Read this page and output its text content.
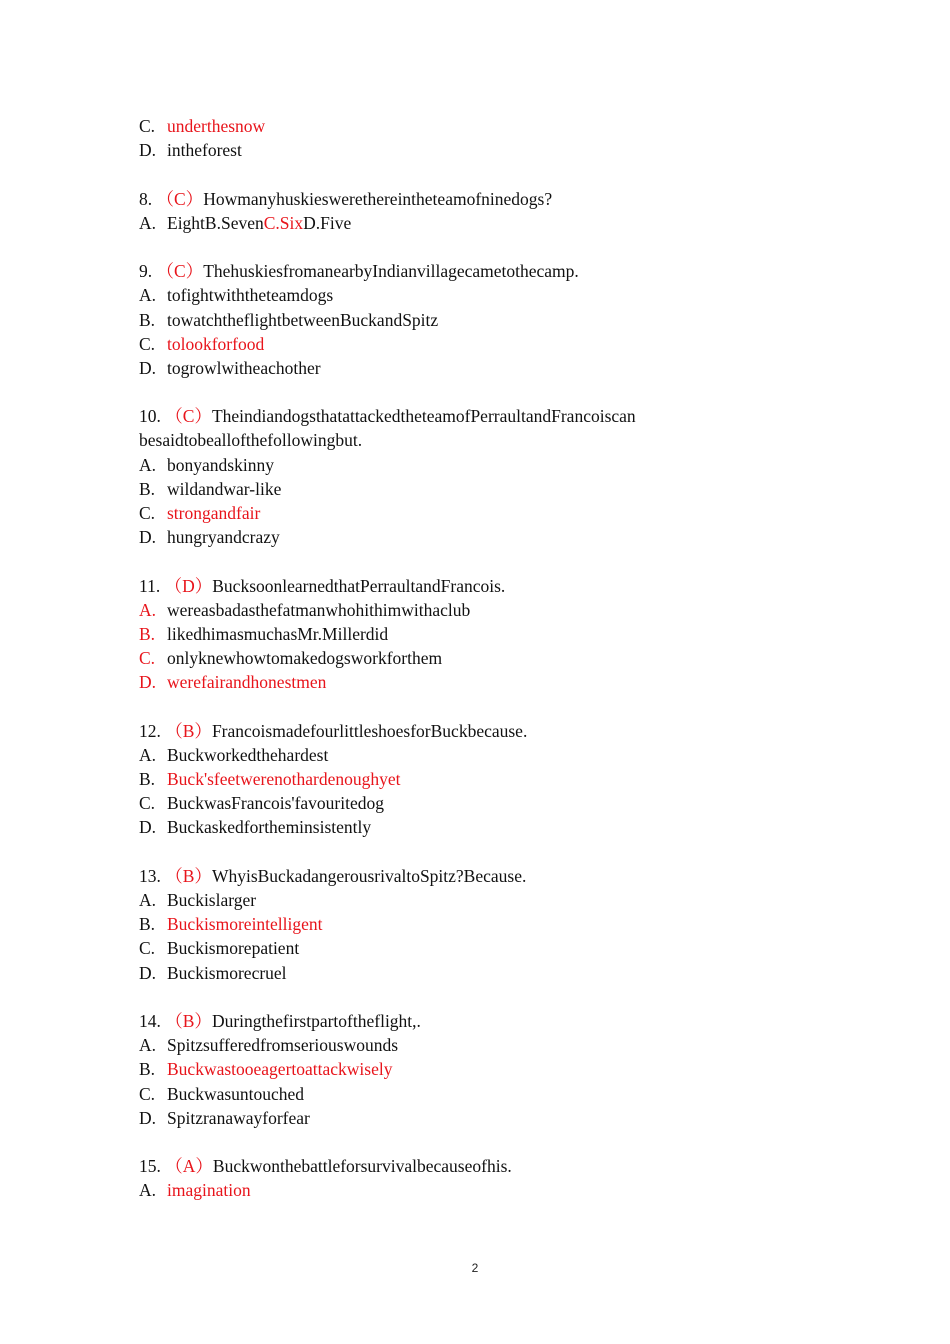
C. underthesnow
D. intheforest
8. （C）Howmanyhuskieswerethereintheteamofninedogs?
A. EightB.SevenC.SixD.Five
9. （C）ThehuskiesfromanearbyIndianvillagecametothecamp.
A. tofightwiththeteamdogs
B. towatchtheflightbetweenBuckandSpitz
C. tolookforfood
D. togrowlwitheachother
10. （C）TheindiandogsthatattackedtheteamofPerraultandFrancoiscan
besaidtobeallofthefollowingbut.
A. bonyandskinny
B. wildandwar-like
C. strongandfair
D. hungryandcrazy
11. （D）BucksoonlearnedthatPerraultandFrancois.
A. wereasbadasthefatmanwhohithimwithaclub
B. likedhimasmuchasMr.Millerdid
C. onlyknewhowtomakedogsworkforthem
D. werefairandhonestmen
12. （B）FrancoismadefourlittleshoesforBuckbecause.
A. Buckworkedthehardest
B. Buck'sfeetwerenothardenoughyet
C. BuckwasFrancois'favouritedog
D. Buckaskedfortheminsistently
13. （B）WhyisBuckadangerousrivaltoSpitz?Because.
A. Buckislarger
B. Buckismoreintelligent
C. Buckismorepatient
D. Buckismorecruel
14. （B）Duringthefirstpartoftheflight,.
A. Spitzsufferedfromseriouswounds
B. Buckwastooeagertoattackwisely
C. Buckwasuntouched
D. Spitzranawayforfear
15. （A）Buckwonthebattleforsurvivalbecauseofhis.
A. imagination
2
